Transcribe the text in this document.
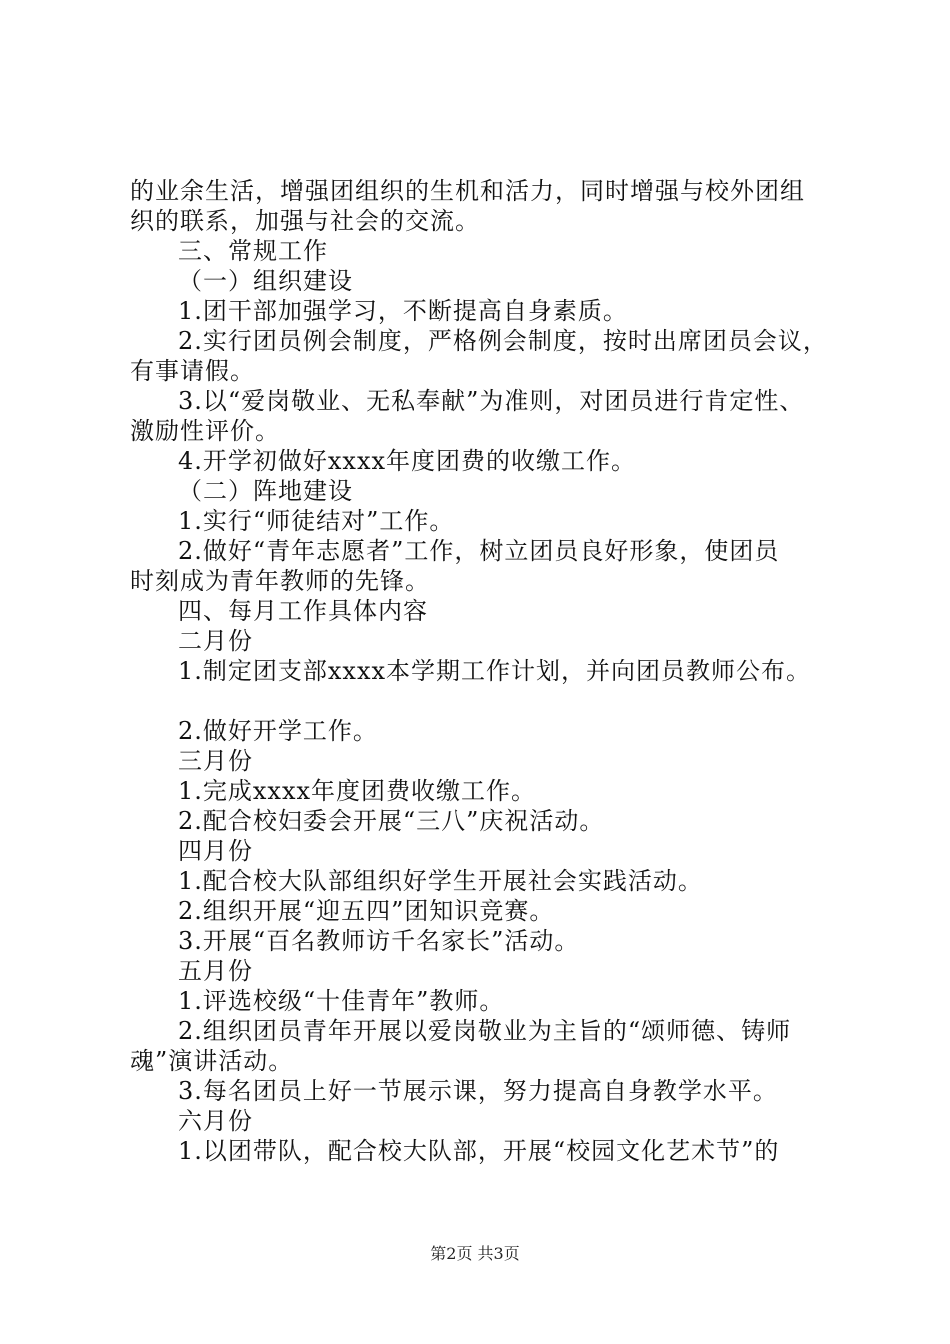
的业余生活，增强团组织的生机和活力，同时增强与校外团组
织的联系，加强与社会的交流。
三、常规工作
（一）组织建设
1.团干部加强学习，不断提高自身素质。
2.实行团员例会制度，严格例会制度，按时出席团员会议，
有事请假。
3.以“爱岗敬业、无私奉献”为准则，对团员进行肯定性、
激励性评价。
4.开学初做好xxxx年度团费的收缴工作。
（二）阵地建设
1.实行“师徒结对”工作。
2.做好“青年志愿者”工作，树立团员良好形象，使团员
时刻成为青年教师的先锋。
四、每月工作具体内容
二月份
1.制定团支部xxxx本学期工作计划，并向团员教师公布。
2.做好开学工作。
三月份
1.完成xxxx年度团费收缴工作。
2.配合校妇委会开展“三八”庆祝活动。
四月份
1.配合校大队部组织好学生开展社会实践活动。
2.组织开展“迎五四”团知识竞赛。
3.开展“百名教师访千名家长”活动。
五月份
1.评选校级“十佳青年”教师。
2.组织团员青年开展以爱岗敬业为主旨的“颂师德、铸师
魂”演讲活动。
3.每名团员上好一节展示课，努力提高自身教学水平。
六月份
1.以团带队，配合校大队部，开展“校园文化艺术节”的
第2页 共3页
